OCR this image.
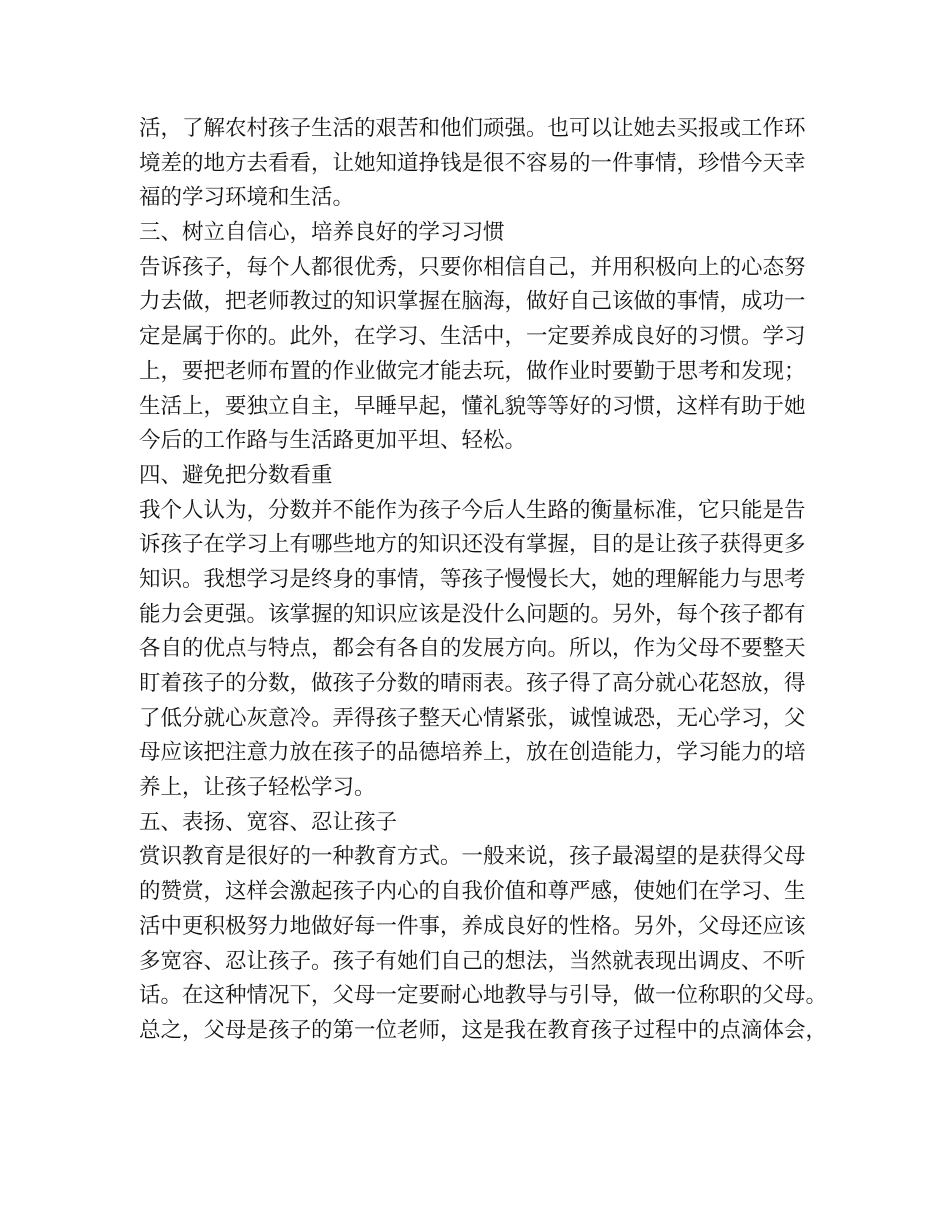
活，了解农村孩子生活的艰苦和他们顽强。也可以让她去买报或工作环

境差的地方去看看，让她知道挣钱是很不容易的一件事情，珍惜今天幸

福的学习环境和生活。

三、树立自信心，培养良好的学习习惯

告诉孩子，每个人都很优秀，只要你相信自己，并用积极向上的心态努

力去做，把老师教过的知识掌握在脑海，做好自己该做的事情，成功一

定是属于你的。此外，在学习、生活中，一定要养成良好的习惯。学习

上，要把老师布置的作业做完才能去玩，做作业时要勤于思考和发现；

生活上，要独立自主，早睡早起，懂礼貌等等好的习惯，这样有助于她

今后的工作路与生活路更加平坦、轻松。

四、避免把分数看重

我个人认为，分数并不能作为孩子今后人生路的衡量标准，它只能是告

诉孩子在学习上有哪些地方的知识还没有掌握，目的是让孩子获得更多

知识。我想学习是终身的事情，等孩子慢慢长大，她的理解能力与思考

能力会更强。该掌握的知识应该是没什么问题的。另外，每个孩子都有

各自的优点与特点，都会有各自的发展方向。所以，作为父母不要整天

盯着孩子的分数，做孩子分数的晴雨表。孩子得了高分就心花怒放，得

了低分就心灰意冷。弄得孩子整天心情紧张，诚惶诚恐，无心学习，父

母应该把注意力放在孩子的品德培养上，放在创造能力，学习能力的培

养上，让孩子轻松学习。

五、表扬、宽容、忍让孩子

赏识教育是很好的一种教育方式。一般来说，孩子最渴望的是获得父母

的赞赏，这样会激起孩子内心的自我价值和尊严感，使她们在学习、生

活中更积极努力地做好每一件事，养成良好的性格。另外，父母还应该

多宽容、忍让孩子。孩子有她们自己的想法，当然就表现出调皮、不听

话。在这种情况下，父母一定要耐心地教导与引导，做一位称职的父母。

总之，父母是孩子的第一位老师，这是我在教育孩子过程中的点滴体会，
